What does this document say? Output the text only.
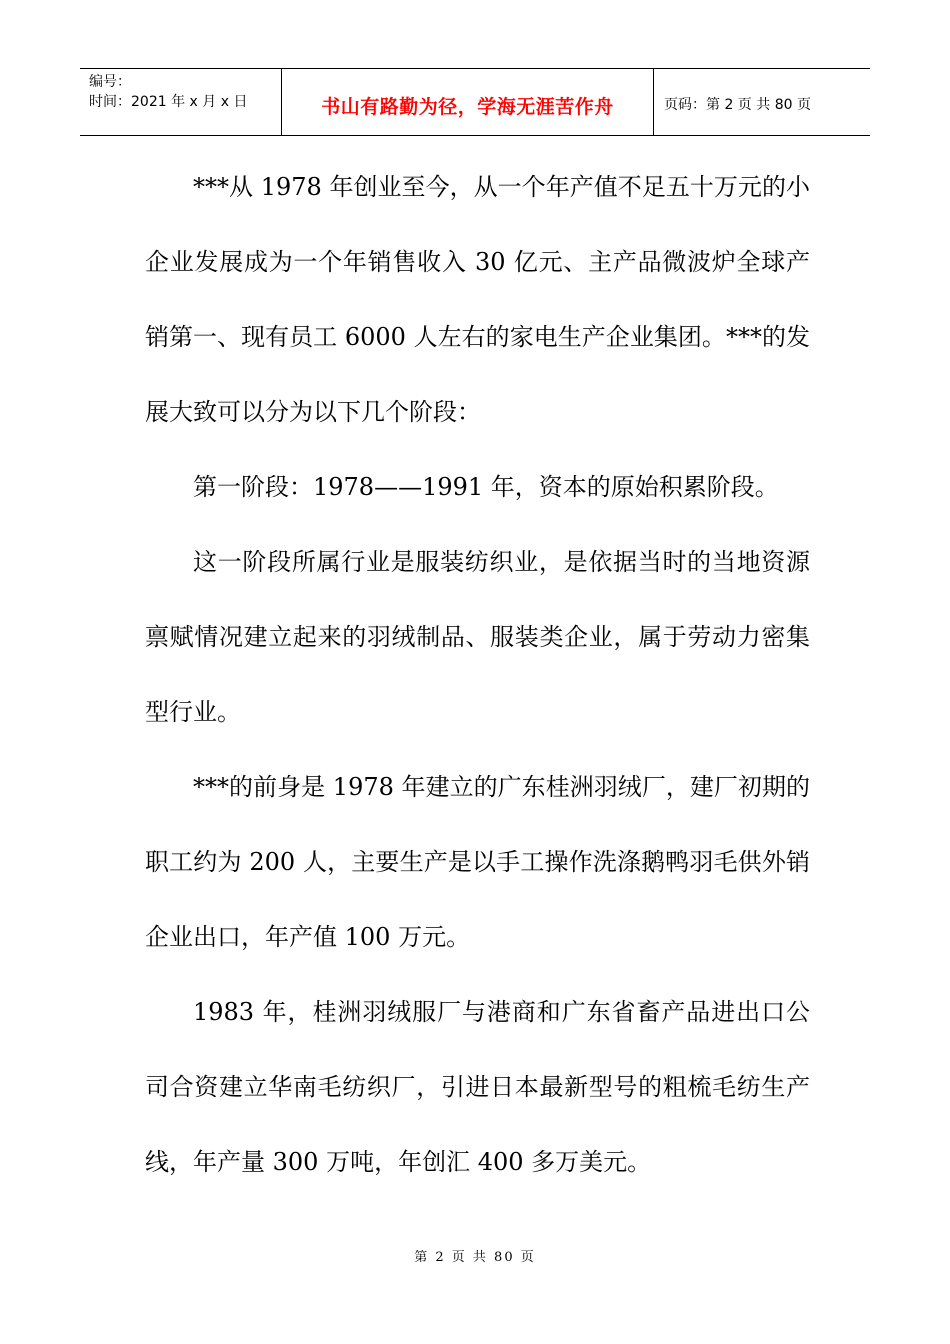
编号：
时间：2021 年 x 月 x 日	书山有路勤为径，学海无涯苦作舟	页码：第 2 页 共 80 页

***从 1978 年创业至今，从一个年产值不足五十万元的小企业发展成为一个年销售收入 30 亿元、主产品微波炉全球产销第一、现有员工 6000 人左右的家电生产企业集团。***的发展大致可以分为以下几个阶段：

第一阶段：1978——1991 年，资本的原始积累阶段。

这一阶段所属行业是服装纺织业，是依据当时的当地资源禀赋情况建立起来的羽绒制品、服装类企业，属于劳动力密集型行业。

***的前身是 1978 年建立的广东桂洲羽绒厂，建厂初期的职工约为 200 人，主要生产是以手工操作洗涤鹅鸭羽毛供外销企业出口，年产值 100 万元。

1983 年，桂洲羽绒服厂与港商和广东省畜产品进出口公司合资建立华南毛纺织厂，引进日本最新型号的粗梳毛纺生产线，年产量 300 万吨，年创汇 400 多万美元。

第 2 页 共 80 页
